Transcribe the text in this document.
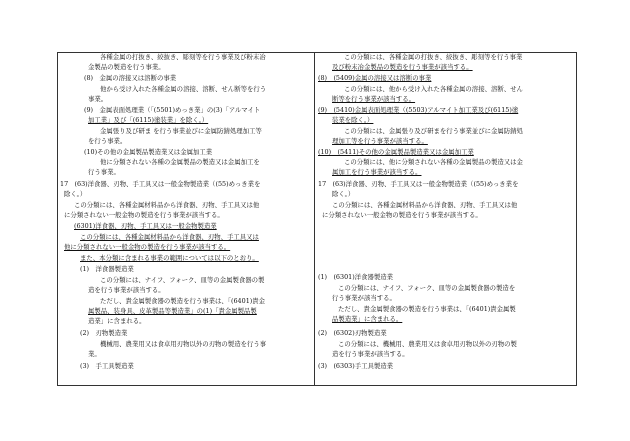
各種金属の打抜き、絞抜き、彫刻等を行う事業及び粉末冶
金製品の製造を行う事業。
(8)　金属の溶接又は溶断の事業
他から受け入れた各種金属の溶接、溶断、せん断等を行う
事業。
(9)　金属表面処理業（「(5501)めっき業」の(3)「アルマイト
加工業」及び「(6115)塗装業」を除く。）
金属張り及び研ま を行う事業並びに金属防錆処理加工等
を行う事業。
(10)その他の金属製品製造業又は金属加工業
他に分類されない各種の金属製品の製造又は金属加工を
行う事業。
17　(63)洋食器、刃物、手工具又は一般金物製造業（(55)めっき業を
除く。）
この分類には、各種金属材料品から洋食器、刃物、手工具又は他
に分類されない一般金物の製造を行う事業が該当する。
(6301)洋食器、刃物、手工具又は一般金物製造業
この分類には、各種金属材料品から洋食器、刃物、手工具又は
他に分類されない一般金物の製造を行う事業が該当する。
また、本分類に含まれる事業の範囲については以下のとおり。
(1)　洋食器製造業
この分類には、ナイフ、フォーク、皿等の金属製食器の製
造を行う事業が該当する。
ただし、貴金属製食器の製造を行う事業は、「(6401)貴金
属製品、装身具、皮革製品等製造業」の(1)「貴金属製品製
造業」に含まれる。
(2)　刃物製造業
機械用、農業用又は食卓用刃物以外の刃物の製造を行う事
業。
(3)　手工具製造業
この分類には、各種金属の打抜き、絞抜き、彫刻等を行う事業
及び粉末冶金製品の製造を行う事業が該当する。
(8)　(5409)金属の溶接又は溶断の事業
この分類には、他から受け入れた各種金属の溶接、溶断、せん
断等を行う事業が該当する。
(9)　(5410)金属表面処理業（(5503)アルマイト加工業及び(6115)塗
装業を除く。）
この分類には、金属張り及び研まを行う事業並びに金属防錆処
理加工等を行う事業が該当する。
(10)　(5411)その他の金属製品製造業又は金属加工業
この分類には、他に分類されない各種の金属製品の製造又は金
属加工を行う事業が該当する。
17　(63)洋食器、刃物、手工具又は一般金物製造業（(55)めっき業を
除く。）
この分類には、各種金属材料品から洋食器、刃物、手工具又は他
に分類されない一般金物の製造を行う事業が該当する。
(1)　(6301)洋食器製造業
この分類には、ナイフ、フォーク、皿等の金属製食器の製造を
行う事業が該当する。
ただし、貴金属製食器の製造を行う事業は、「(6401)貴金属製
品製造業」に含まれる。
(2)　(6302)刃物製造業
この分類には、機械用、農業用又は食卓用刃物以外の刃物の製
造を行う事業が該当する。
(3)　(6303)手工具製造業
